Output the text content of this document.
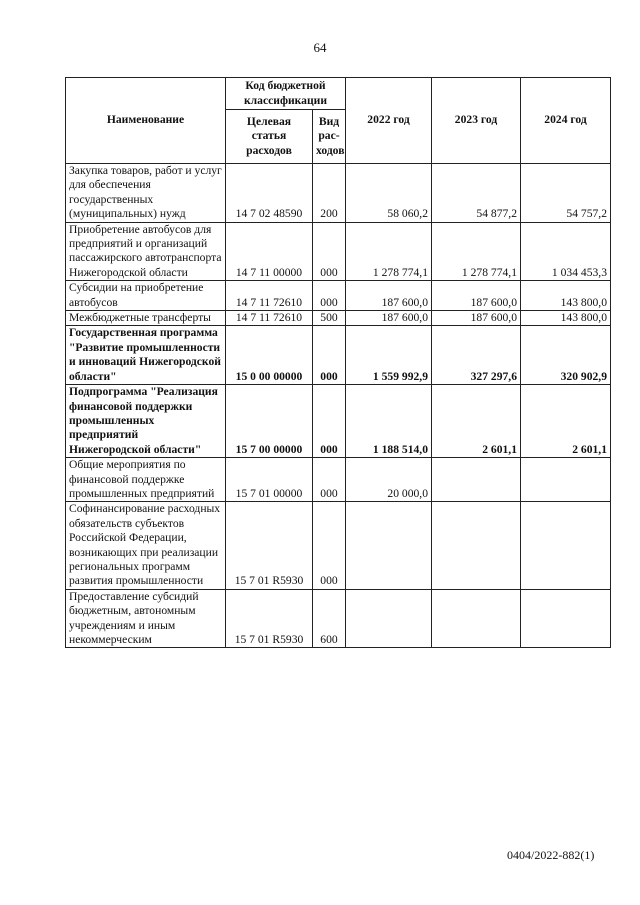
64
Наименование	Код бюджетной классификации		2022 год	2023 год	2024 год
	Целевая статья расходов	Вид рас-ходов			
Закупка товаров, работ и услуг для обеспечения государственных (муниципальных) нужд	14 7 02 48590	200	58 060,2	54 877,2	54 757,2
Приобретение автобусов для предприятий и организаций пассажирского автотранспорта Нижегородской области	14 7 11 00000	000	1 278 774,1	1 278 774,1	1 034 453,3
Субсидии на приобретение автобусов	14 7 11 72610	000	187 600,0	187 600,0	143 800,0
Межбюджетные трансферты	14 7 11 72610	500	187 600,0	187 600,0	143 800,0
Государственная программа "Развитие промышленности и инноваций Нижегородской области"	15 0 00 00000	000	1 559 992,9	327 297,6	320 902,9
Подпрограмма "Реализация финансовой поддержки промышленных предприятий Нижегородской области"	15 7 00 00000	000	1 188 514,0	2 601,1	2 601,1
Общие мероприятия по финансовой поддержке промышленных предприятий	15 7 01 00000	000	20 000,0		
Софинансирование расходных обязательств субъектов Российской Федерации, возникающих при реализации региональных программ развития промышленности	15 7 01 R5930	000			
Предоставление субсидий бюджетным, автономным учреждениям и иным некоммерческим	15 7 01 R5930	600			
0404/2022-882(1)
